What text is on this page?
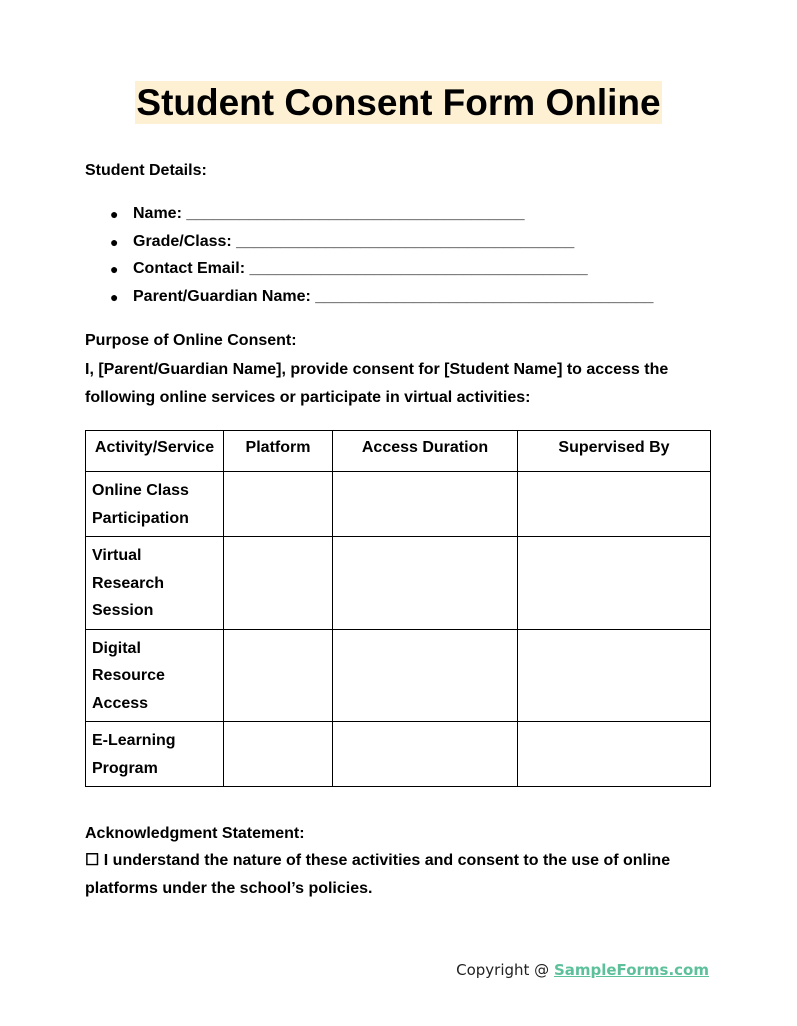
Student Consent Form Online
Student Details:
● Name: ______________________________________
● Grade/Class: ______________________________________
● Contact Email: ______________________________________
● Parent/Guardian Name: ______________________________________
Purpose of Online Consent:
I, [Parent/Guardian Name], provide consent for [Student Name] to access the following online services or participate in virtual activities:
Activity/Service	Platform	Access Duration	Supervised By
Online Class Participation			
Virtual Research Session			
Digital Resource Access			
E-Learning Program			
Acknowledgment Statement:
☐ I understand the nature of these activities and consent to the use of online platforms under the school’s policies.
Copyright @ SampleForms.com
